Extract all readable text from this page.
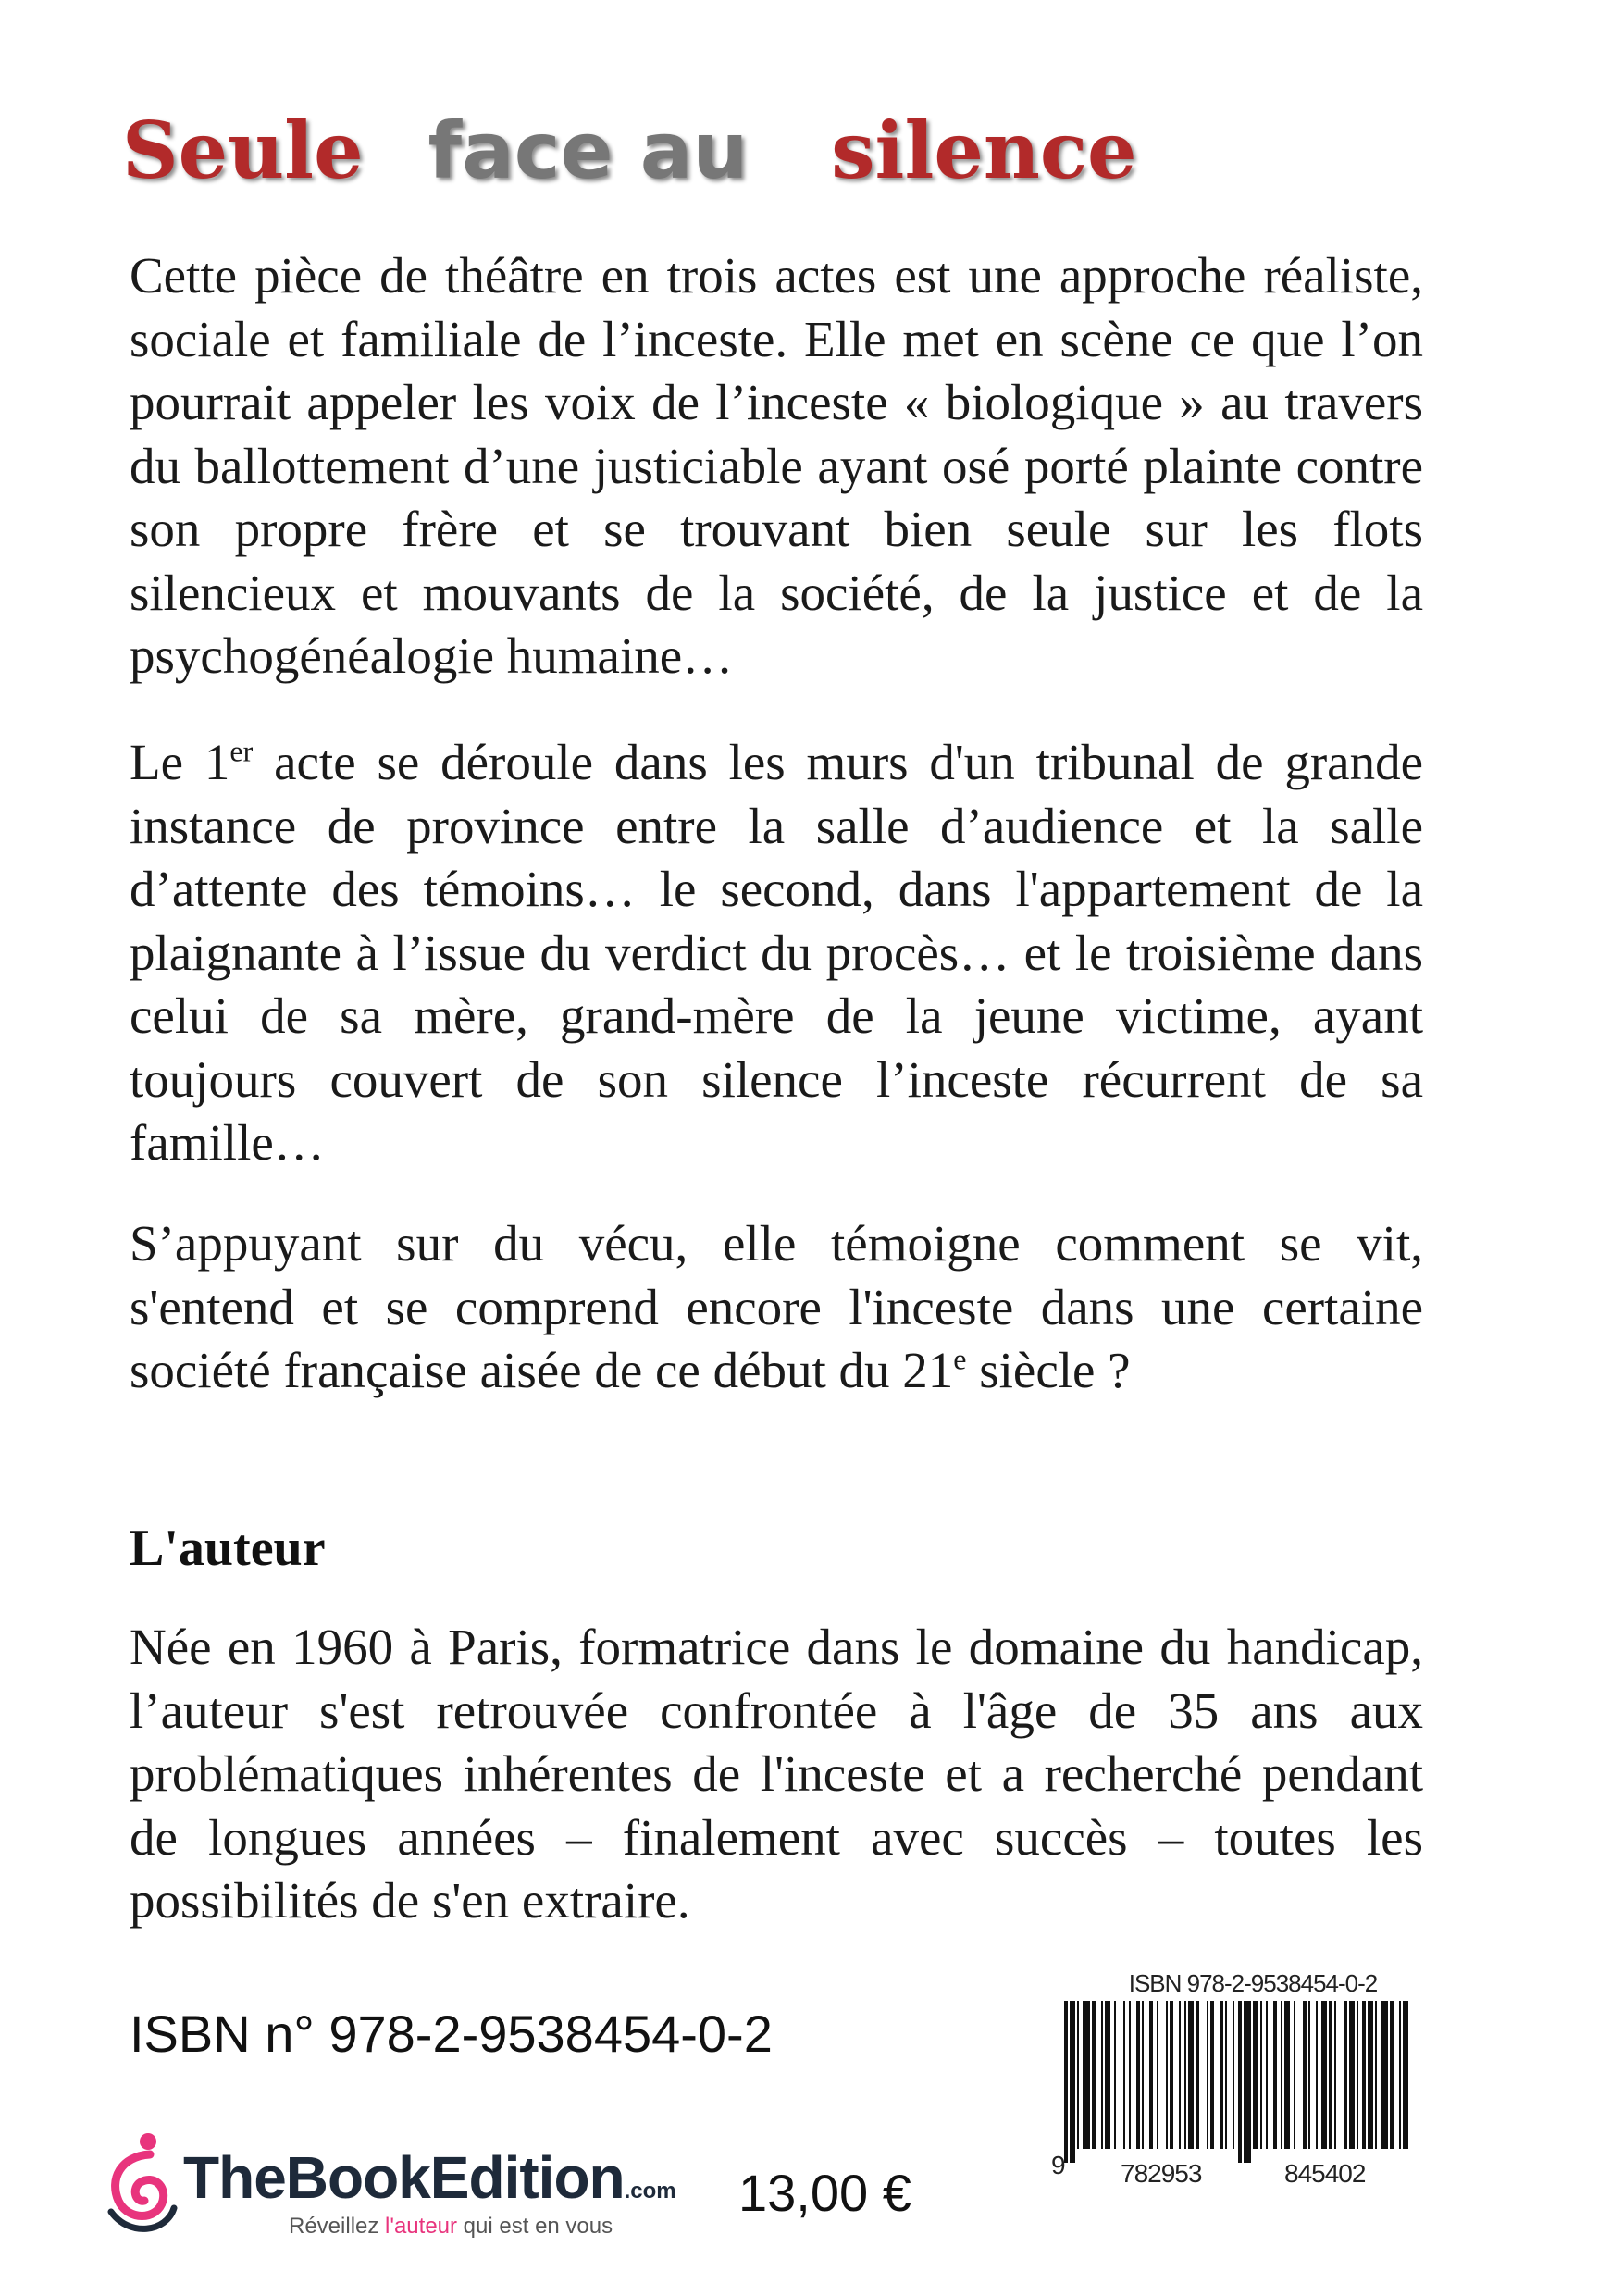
Seule face au silence

Cette pièce de théâtre en trois actes est une approche réaliste, sociale et familiale de l’inceste. Elle met en scène ce que l’on pourrait appeler les voix de l’inceste « biologique » au travers du ballottement d’une justiciable ayant osé porté plainte contre son propre frère et se trouvant bien seule sur les flots silencieux et mouvants de la société, de la justice et de la psychogénéalogie humaine…

Le 1er acte se déroule dans les murs d'un tribunal de grande instance de province entre la salle d’audience et la salle d’attente des témoins… le second, dans l'appartement de la plaignante à l’issue du verdict du procès… et le troisième dans celui de sa mère, grand-mère de la jeune victime, ayant toujours couvert de son silence l’inceste récurrent de sa famille…

S’appuyant sur du vécu, elle témoigne comment se vit, s'entend et se comprend encore l'inceste dans une certaine société française aisée de ce début du 21e siècle ?

L'auteur

Née en 1960 à Paris, formatrice dans le domaine du handicap, l’auteur s'est retrouvée confrontée à l'âge de 35 ans aux problématiques inhérentes de l'inceste et a recherché pendant de longues années – finalement avec succès – toutes les possibilités de s'en extraire.

ISBN n° 978-2-9538454-0-2
ISBN 978-2-9538454-0-2
9 782953	845402
TheBookEdition.com
Réveillez l'auteur qui est en vous
13,00 €
